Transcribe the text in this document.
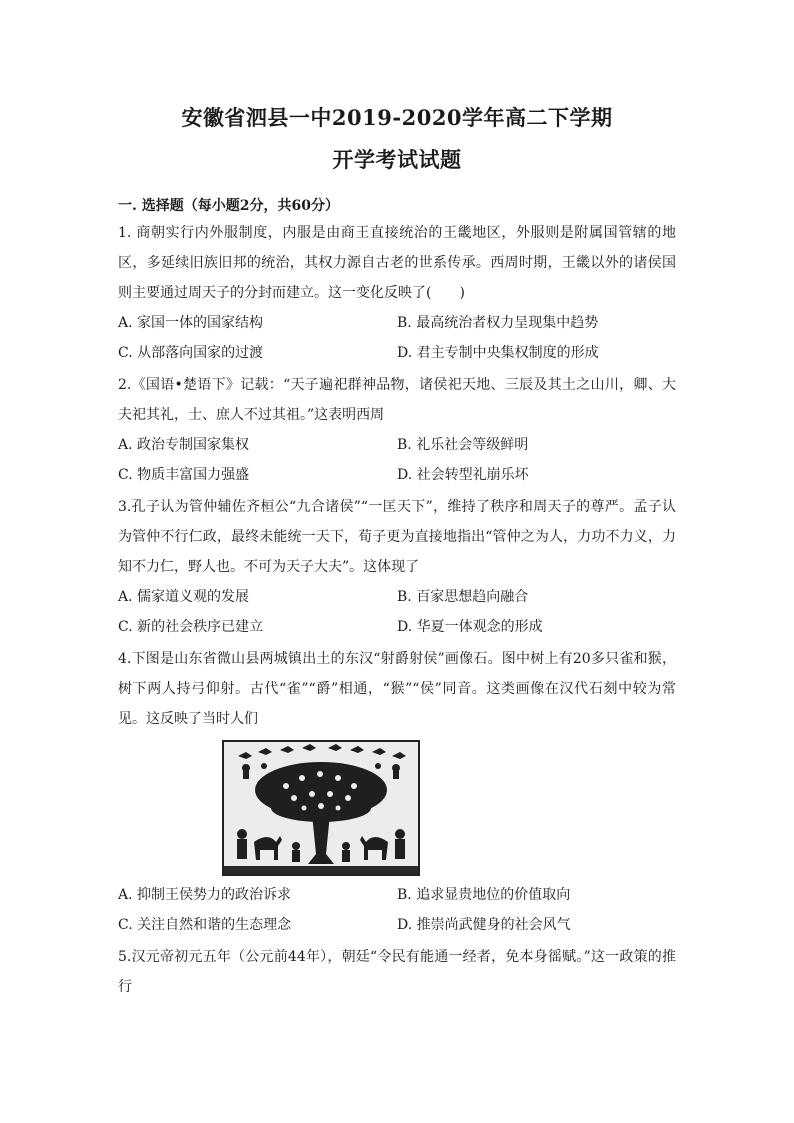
安徽省泗县一中2019-2020学年高二下学期
开学考试试题
一. 选择题（每小题2分，共60分）
1. 商朝实行内外服制度，内服是由商王直接统治的王畿地区，外服则是附属国管辖的地区，多延续旧族旧邦的统治，其权力源自古老的世系传承。西周时期，王畿以外的诸侯国则主要通过周天子的分封而建立。这一变化反映了(　　)
A. 家国一体的国家结构	B. 最高统治者权力呈现集中趋势
C. 从部落向国家的过渡	D. 君主专制中央集权制度的形成
2.《国语•楚语下》记载：“天子遍祀群神品物，诸侯祀天地、三辰及其土之山川，卿、大夫祀其礼，士、庶人不过其祖。”这表明西周
A. 政治专制国家集权	B. 礼乐社会等级鲜明
C. 物质丰富国力强盛	D. 社会转型礼崩乐坏
3.孔子认为管仲辅佐齐桓公“九合诸侯”“一匡天下”，维持了秩序和周天子的尊严。孟子认为管仲不行仁政，最终未能统一天下，荀子更为直接地指出“管仲之为人，力功不力义，力知不力仁，野人也。不可为天子大夫”。这体现了
A. 儒家道义观的发展	B. 百家思想趋向融合
C. 新的社会秩序已建立	D. 华夏一体观念的形成
4.下图是山东省微山县两城镇出土的东汉“射爵射侯”画像石。图中树上有20多只雀和猴，树下两人持弓仰射。古代“雀”“爵”相通，“猴”“侯”同音。这类画像在汉代石刻中较为常见。这反映了当时人们
A. 抑制王侯势力的政治诉求	B. 追求显贵地位的价值取向
C. 关注自然和谐的生态理念	D. 推崇尚武健身的社会风气
5.汉元帝初元五年（公元前44年），朝廷“令民有能通一经者，免本身徭赋。”这一政策的推行
